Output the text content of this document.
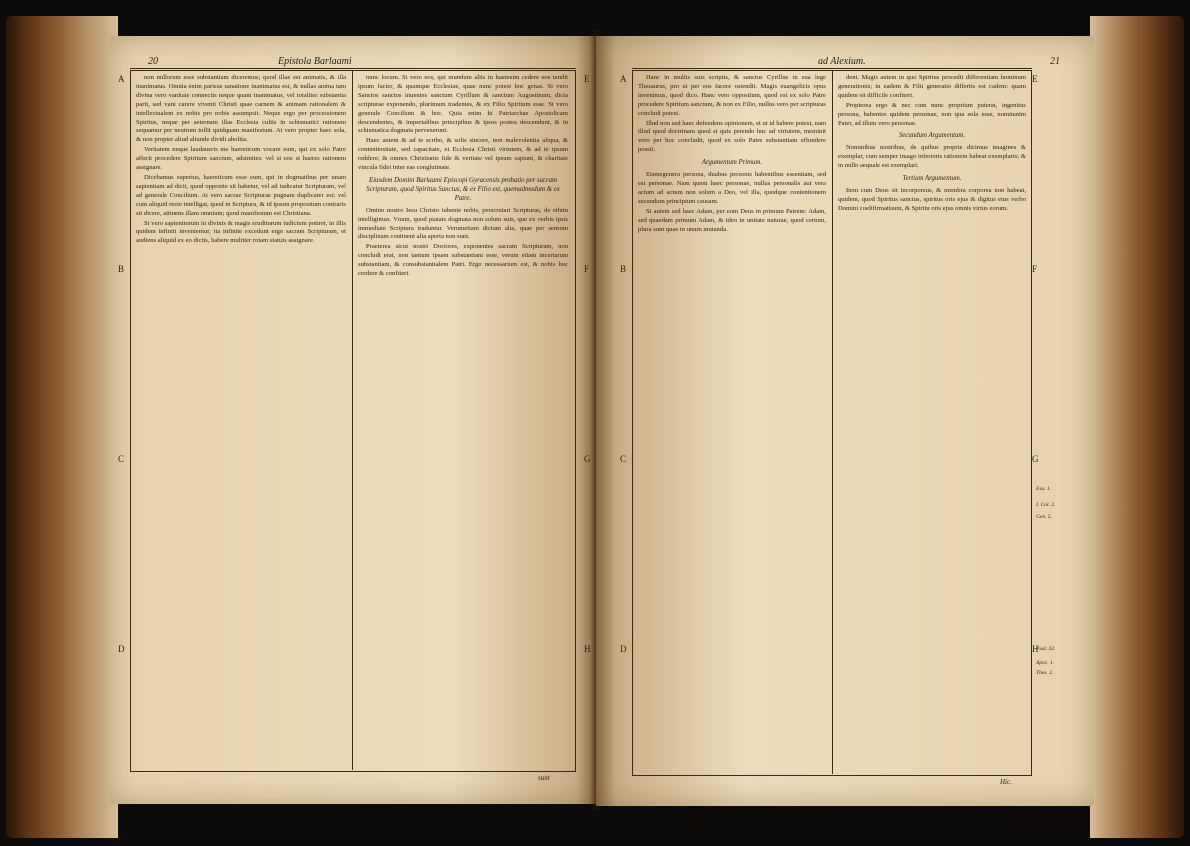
20	Epistola Barlaami
A
B
C
D
E
F
G
H

non nullorum esse substantiam diceremus; quod illae est animatis, & illa inanimatus. Omnia enim parisus sanatione inanimatus est, & nullas anima tam divina vero vanitate connectis neque quam inanimatus, vel totaliter substantia parit, sed vani carere viventi Christi quae carnem & animam rationalem & intellectualem ex nobis pro nobis assumpsit. Neque ergo per processionem Spiritus, neque per aeternam illas Ecclesia cultis in schismatici rationem sequamur per neutrum tollit quidquam manifestum. At vero propter haec sola, & non propter aliud aliunde dividi abolita.

Veritatem neque laudaueris me haereticum vocare eum, qui ex solo Patre afferit procedere Spiritum sanctum, adsimites: vel si eos si haeres rationem assignare.

Dicebamus superius, haereticum esse eum, qui in dogmatibus per unam sapientiam ad dicit, quod opposite sit habetur, vel ad iudicatur Scripturam, vel ad generale Concilium. At vero sacrae Scripturae pugnam duplicater est: vel cum aliquid recte intelligat, quod in Scriptura, & id ipsum propositum contraris sit dicere, attinens illam omnium; quod manifestum est Christiana.

Si vero sapientiorum in divinis & magis eruditorum iudicium potiret, in illis quidem infiniti inveniemur, ita infinite excedunt ergo sacram Scripturam, et audiens aliquid ex eo dictis, habere multiter rotam statuis assignare.

nunc locum. Si vero eos, qui mundum aliis in haeresim cedere eos tendit ipsum facter, & quamque Ecclesiae, quae nunc potest hoc genas. Si vero Sanctos sanctos inuenies sanctum Cyrillum & sanctum Augustinum, dicta scripturae exponendo, plurimum tradentes, & ex Filio Spiritum esse. Si vero generale Concilium & hoc. Quia enim hi Patriarchae Apostolicam descendentes, & imperialibus principibus & ipsos postea descendunt, & in schismatica dogmata pervenerunt.

Haec autem & ad te scribo, & solis sincere, non malevolentia aliqua, & contentiositate, sed capacitate, et Ecclesia Christi virtutem, & ad te ipsum reddere; & omnes Christianis fide & veritate vel ipsum sapiant, & charitate vincula fidei inter eas conglutinate.

Eiusdem Domini Barlaami Episcopi Gyracensis probatio per sacram Scripturam, quod Spiritus Sanctus, & ex Filio est, quemadmodum & ex Patre.

Omino nostro Iesu Christo iubente nobis, perscrutari Scripturas, de ethim intelligimus. Vnum, quod piatais dogmata non solum suis, que ex verbis ipsis immediate Scriptura traduntur. Verumetiam dictum alia, quae per sensum disciplinam continent alia aperta non sunt.

Praeterea sicut nostri Doctores, exponentes sacram Scripturam, non concludi erat, non tantum ipsam substantiam esse, verum etiam incertarum substantiam, & consubstantialem Patri. Ergo necessarium est, & nobis hoc credere & confiteri.

sunt
ad Alexium.	21
A
B
C
D
E
F
G
H

Hanc in multis suis scriptis, & sanctus Cyrillus in sua lege Thesaurus, pro ut per eos facere ostendit. Magis euangelicis opus invenimus, quod dico. Hanc vero oppositum, quod est ex solo Patre procedere Spiritum sanctum, & non ex Filio, nullus vero per scripturas concludi potest.

Illud non sed haec defendens opinionem, et ut id habere potest, nam illud quod doctrinam quod si quis petendo huc ad virtutem, meminit vero per hoc concludit, quod ex solo Patre substantiam effundere possit.

Argumentum Primum.

Eismegenera persona, duabus personis habentibus essentiam, sed est personae. Nam quem haec personae, nullus personalis aut vera actum ad actum non solum a Deo, vel illa, quodque contentionem secundum principium causam.

Si autem sed haec Adam, per eum Deus in primum Patrem: Adam, sed quaedam primum Adam, & ideo in unitate naturae, quod certum, plura sunt quae in unum mutanda.

dent. Magis autem in quo Spiritus procedit differentiam hominum generationis; in eadem & Filii generatio differtis est cadem: quam quidem sit difficile confiteri.

Propterea ergo & nec cum nunc proprium puterat, ingenitus persona, habentes quidem personae, non qua sola esse, nominatim Pater, ad illum vero personae.

Secundum Argumentum.

Nominibus nostribus, de quibus proprie dicimus imagines & exemplar, cum semper imago inferioris rationem habeat exemplaris; & in nullo aequale est exemplari.

Tertium Argumentum.

Item cum Deus sit incorporeus, & membra corporea non habeat, quidem, quod Spiritus sanctus, spiritus oris ejus & digitus eius verbo Domini coelifirmatisunt, & Spiritu oris ejus omnis virtus eorum.

Esa. 1.
I. Cor. 2.
Gen. 5.
Psal. 32.
Apoc. 1.
Thes. 2.
Hic.
